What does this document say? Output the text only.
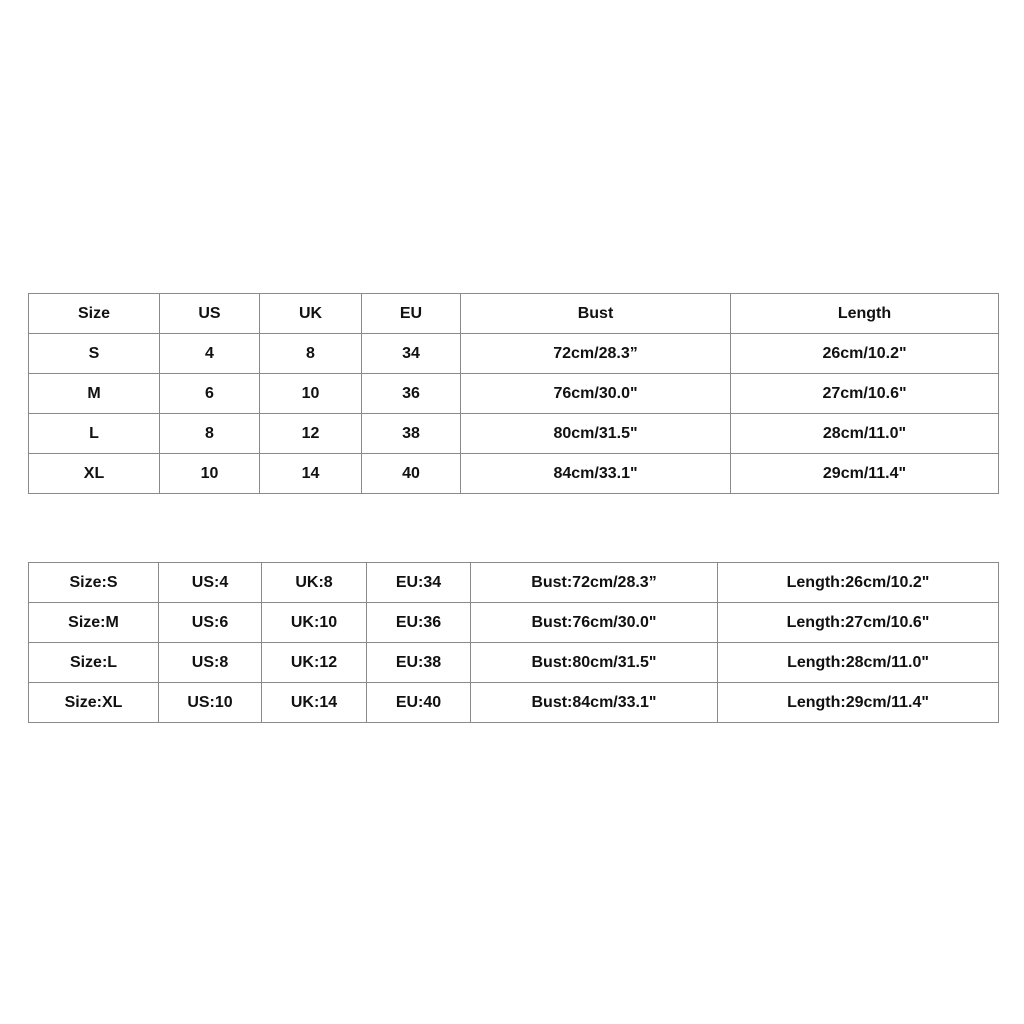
Size	US	UK	EU	Bust	Length
S	4	8	34	72cm/28.3”	26cm/10.2"
M	6	10	36	76cm/30.0"	27cm/10.6"
L	8	12	38	80cm/31.5"	28cm/11.0"
XL	10	14	40	84cm/33.1"	29cm/11.4"
Size:S	US:4	UK:8	EU:34	Bust:72cm/28.3”	Length:26cm/10.2"
Size:M	US:6	UK:10	EU:36	Bust:76cm/30.0"	Length:27cm/10.6"
Size:L	US:8	UK:12	EU:38	Bust:80cm/31.5"	Length:28cm/11.0"
Size:XL	US:10	UK:14	EU:40	Bust:84cm/33.1"	Length:29cm/11.4"
